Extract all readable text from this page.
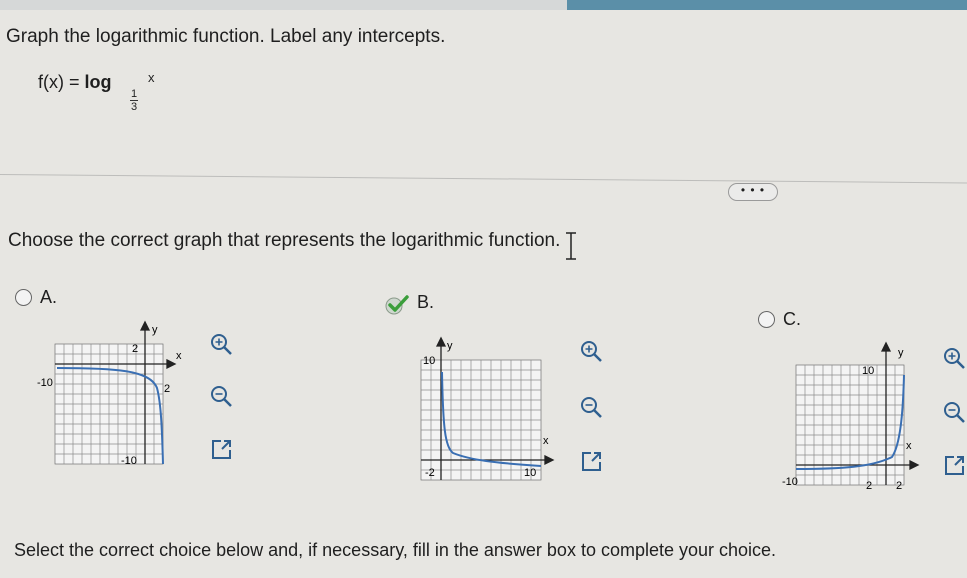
Graph the logarithmic function. Label any intercepts.
f(x) = log
$\frac{1}{3}$
x
• • •
Choose the correct graph that represents the logarithmic function.
A.	B.
C.
y
x
2
-10	2
-10
y
x
10
-2	10
y
x
10
-10	2 2
Select the correct choice below and, if necessary, fill in the answer box to complete your choice.
